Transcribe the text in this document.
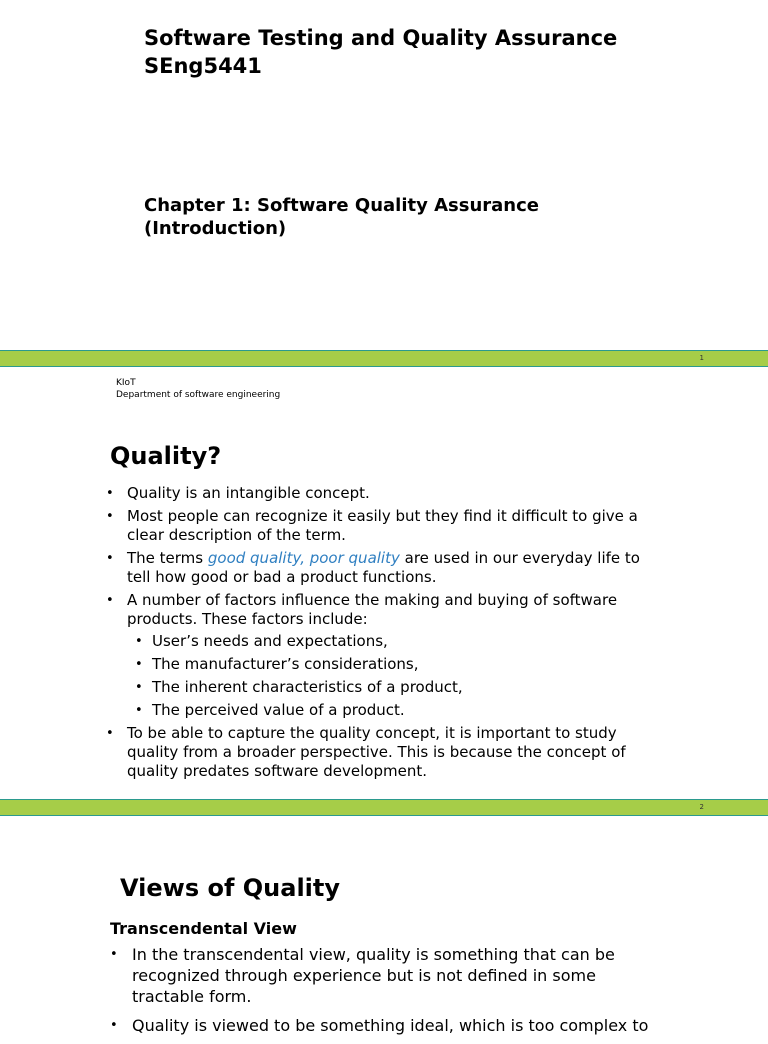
Software Testing and Quality Assurance
SEng5441
Chapter 1: Software Quality Assurance
(Introduction)
1
KIoT
Department of software engineering
Quality?
• Quality is an intangible concept.
• Most people can recognize it easily but they find it difficult to give a clear description of the term.
• The terms good quality, poor quality are used in our everyday life to tell how good or bad a product functions.
• A number of factors influence the making and buying of software products. These factors include:
• User’s needs and expectations,
• The manufacturer’s considerations,
• The inherent characteristics of a product,
• The perceived value of a product.
• To be able to capture the quality concept, it is important to study quality from a broader perspective. This is because the concept of quality predates software development.
2
Views of Quality
Transcendental View
• In the transcendental view, quality is something that can be recognized through experience but is not defined in some tractable form.
• Quality is viewed to be something ideal, which is too complex to
